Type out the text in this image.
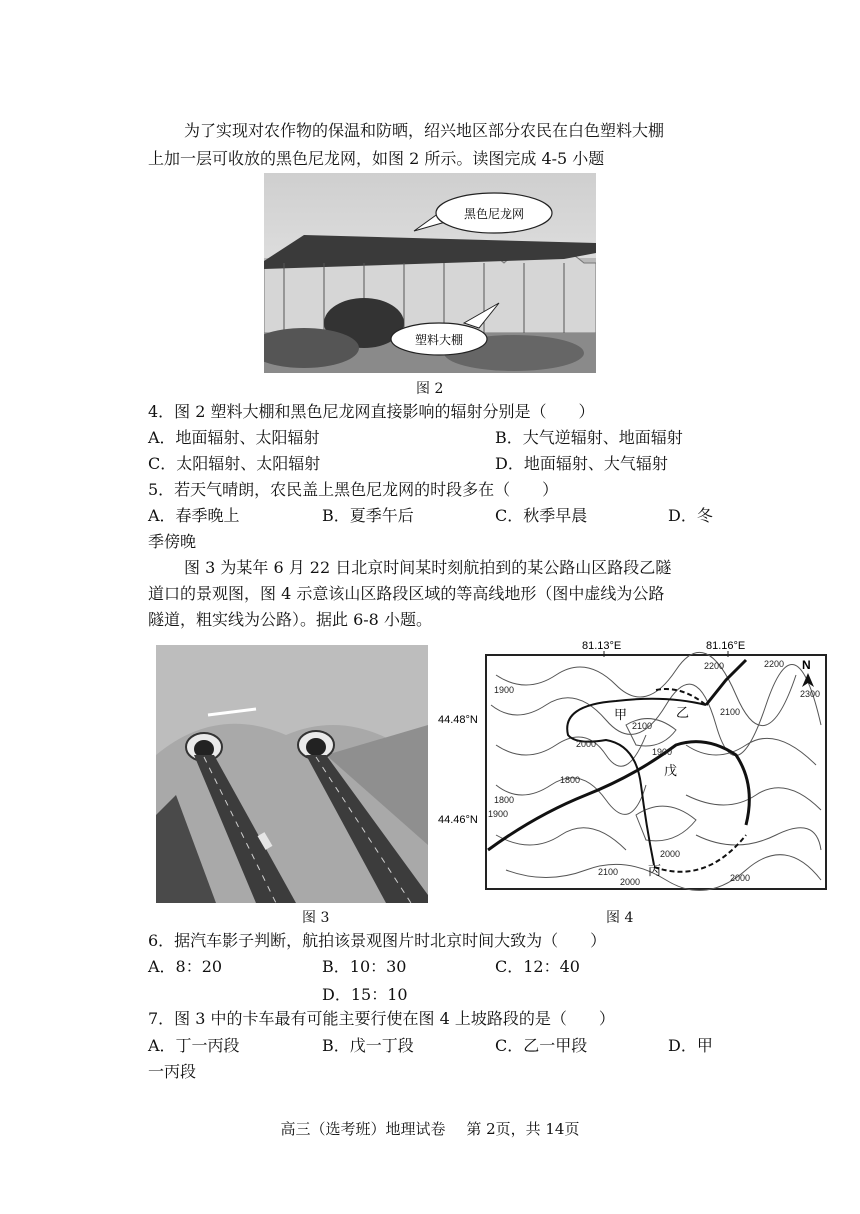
为了实现对农作物的保温和防晒，绍兴地区部分农民在白色塑料大棚
上加一层可收放的黑色尼龙网，如图 2 所示。读图完成 4-5 小题
黑色尼龙网
塑料大棚
图 2
4．图 2 塑料大棚和黑色尼龙网直接影响的辐射分别是（　　）
A．地面辐射、太阳辐射	B．大气逆辐射、地面辐射
C．太阳辐射、太阳辐射	D．地面辐射、大气辐射
5．若天气晴朗，农民盖上黑色尼龙网的时段多在（　　）
A．春季晚上	B．夏季午后	C．秋季早晨	D．冬
季傍晚
图 3 为某年 6 月 22 日北京时间某时刻航拍到的某公路山区路段乙隧
道口的景观图，图 4 示意该山区路段区域的等高线地形（图中虚线为公路
隧道，粗实线为公路）。据此 6-8 小题。
图 3
81.13°E	81.16°E
44.48°N
44.46°N
N
甲	乙
戊
丙
2200	2200
2300
1900
2100
2100
2000
1900
1800
1800
1900
2000
2100
2000	2000
图 4
6．据汽车影子判断，航拍该景观图片时北京时间大致为（　　）
A．8：20	B．10：30	C．12：40
D．15：10
7．图 3 中的卡车最有可能主要行使在图 4 上坡路段的是（　　）
A．丁一丙段	B．戊一丁段	C．乙一甲段	D．甲
一丙段
高三（选考班）地理试卷 第 2页，共 14页
